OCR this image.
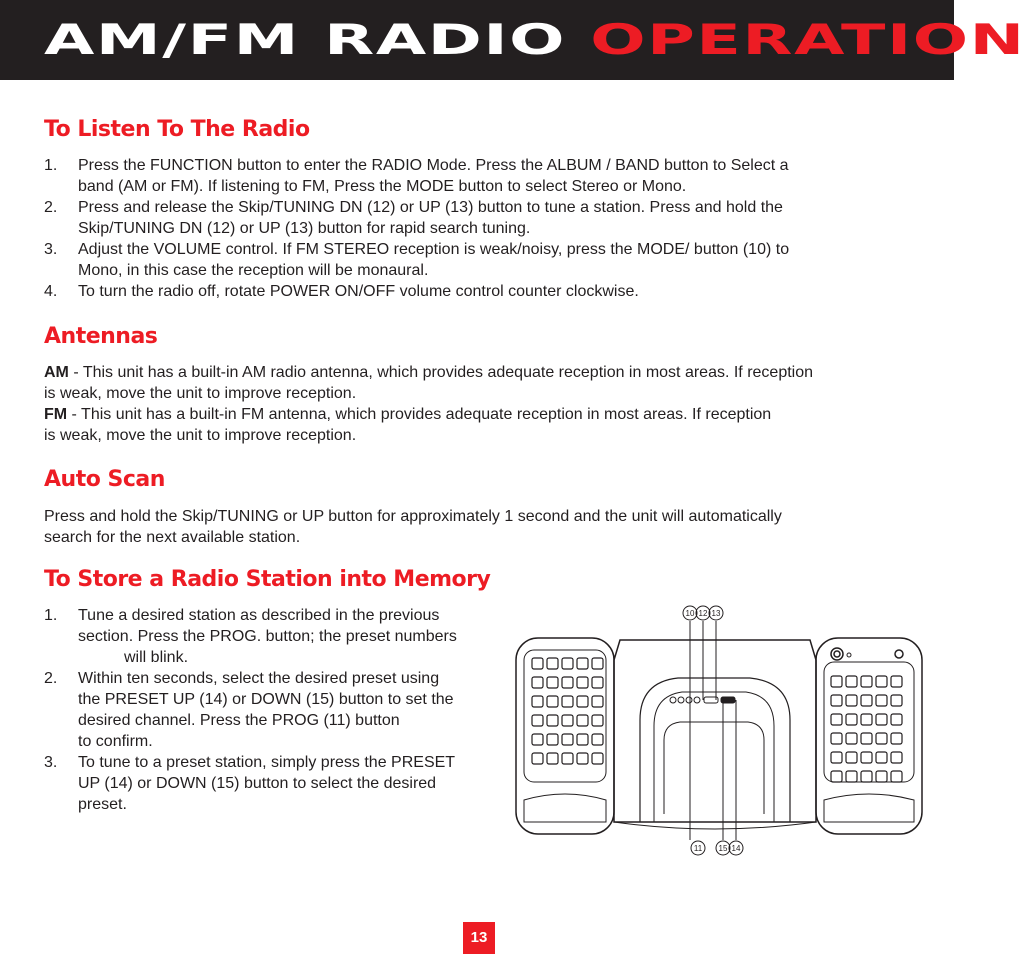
AM/FM RADIO OPERATION
To Listen To The Radio
1. Press the FUNCTION button to enter the RADIO Mode. Press the ALBUM / BAND button to Select a
band (AM or FM). If listening to FM, Press the MODE button to select Stereo or Mono.
2. Press and release the Skip/TUNING DN (12) or UP (13) button to tune a station. Press and hold the
Skip/TUNING DN (12) or UP (13) button for rapid search tuning.
3. Adjust the VOLUME control. If FM STEREO reception is weak/noisy, press the MODE/ button (10) to
Mono, in this case the reception will be monaural.
4. To turn the radio off, rotate POWER ON/OFF volume control counter clockwise.
Antennas

AM - This unit has a built-in AM radio antenna, which provides adequate reception in most areas. If reception

is weak, move the unit to improve reception.

FM - This unit has a built-in FM antenna, which provides adequate reception in most areas. If reception

is weak, move the unit to improve reception.

Auto Scan

Press and hold the Skip/TUNING or UP button for approximately 1 second and the unit will automatically

search for the next available station.

To Store a Radio Station into Memory
1. Tune a desired station as described in the previous
section. Press the PROG. button; the preset numbers

will blink.
2. Within ten seconds, select the desired preset using
the PRESET UP (14) or DOWN (15) button to set the
desired channel. Press the PROG (11) button
to confirm.
3. To tune to a preset station, simply press the PRESET
UP (14) or DOWN (15) button to select the desired
preset.
10 12 13
11 15 14
13
